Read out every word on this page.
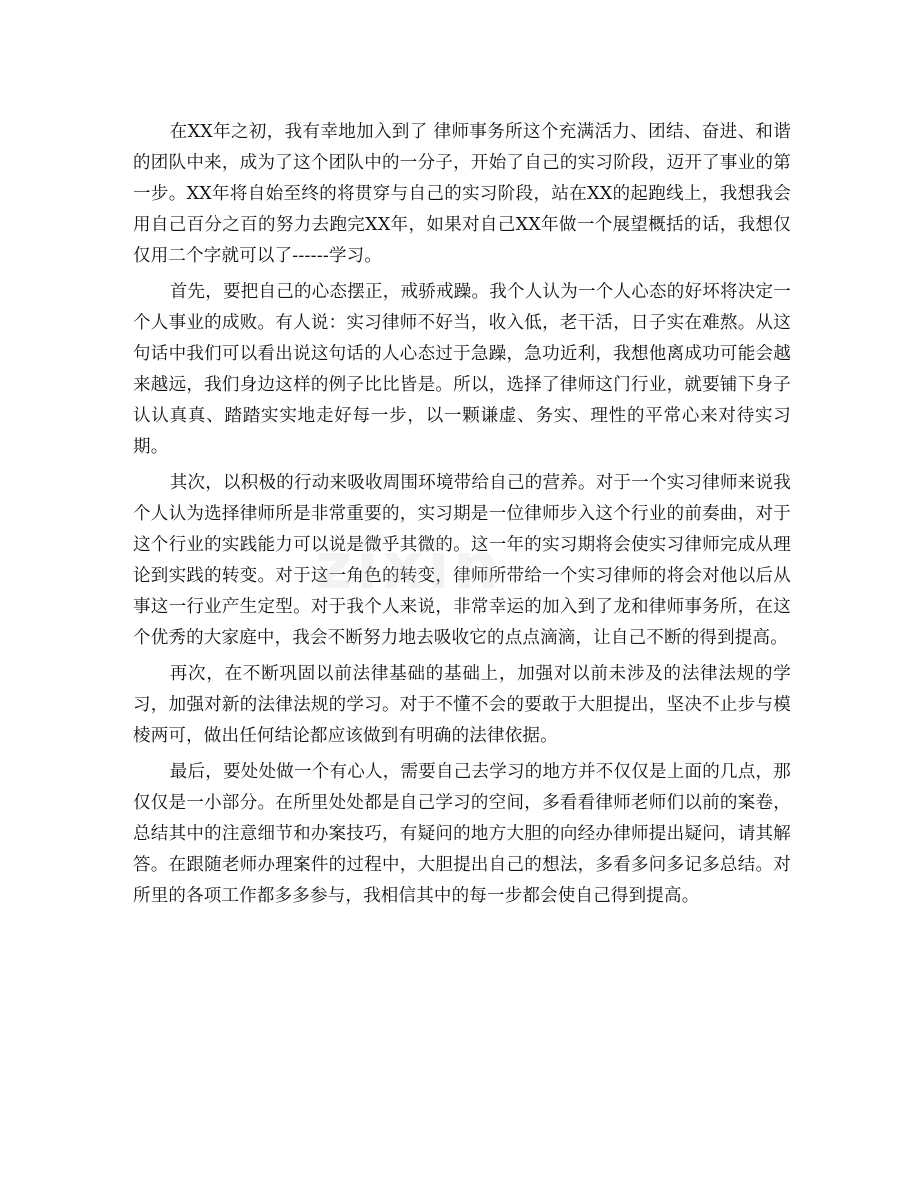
在XX年之初，我有幸地加入到了 律师事务所这个充满活力、团结、奋进、和谐的团队中来，成为了这个团队中的一分子，开始了自己的实习阶段，迈开了事业的第一步。XX年将自始至终的将贯穿与自己的实习阶段，站在XX的起跑线上，我想我会用自己百分之百的努力去跑完XX年，如果对自己XX年做一个展望概括的话，我想仅仅用二个字就可以了------学习。

首先，要把自己的心态摆正，戒骄戒躁。我个人认为一个人心态的好坏将决定一个人事业的成败。有人说：实习律师不好当，收入低，老干活，日子实在难熬。从这句话中我们可以看出说这句话的人心态过于急躁，急功近利，我想他离成功可能会越来越远，我们身边这样的例子比比皆是。所以，选择了律师这门行业，就要铺下身子认认真真、踏踏实实地走好每一步，以一颗谦虚、务实、理性的平常心来对待实习期。

其次，以积极的行动来吸收周围环境带给自己的营养。对于一个实习律师来说我个人认为选择律师所是非常重要的，实习期是一位律师步入这个行业的前奏曲，对于这个行业的实践能力可以说是微乎其微的。这一年的实习期将会使实习律师完成从理论到实践的转变。对于这一角色的转变，律师所带给一个实习律师的将会对他以后从事这一行业产生定型。对于我个人来说，非常幸运的加入到了龙和律师事务所，在这个优秀的大家庭中，我会不断努力地去吸收它的点点滴滴，让自己不断的得到提高。

再次，在不断巩固以前法律基础的基础上，加强对以前未涉及的法律法规的学习，加强对新的法律法规的学习。对于不懂不会的要敢于大胆提出，坚决不止步与模棱两可，做出任何结论都应该做到有明确的法律依据。

最后，要处处做一个有心人，需要自己去学习的地方并不仅仅是上面的几点，那仅仅是一小部分。在所里处处都是自己学习的空间，多看看律师老师们以前的案卷，总结其中的注意细节和办案技巧，有疑问的地方大胆的向经办律师提出疑问，请其解答。在跟随老师办理案件的过程中，大胆提出自己的想法，多看多问多记多总结。对所里的各项工作都多多参与，我相信其中的每一步都会使自己得到提高。

zixin
